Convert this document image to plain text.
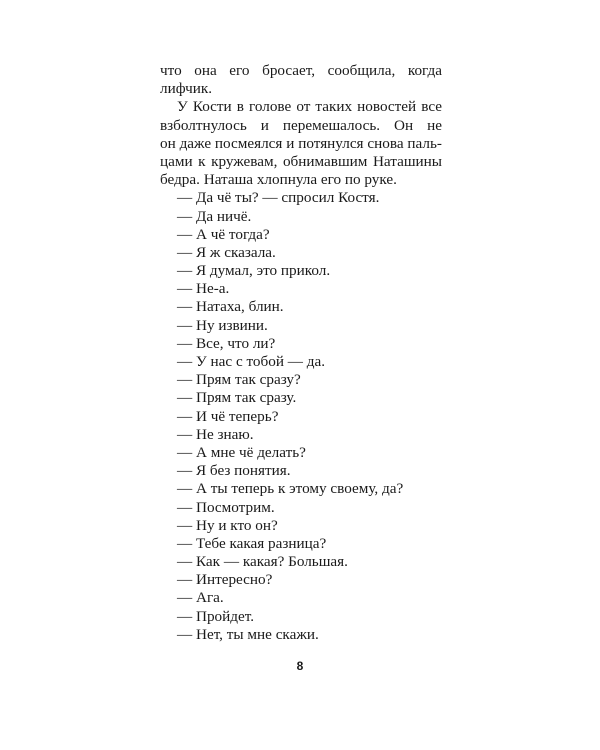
что она его бросает, сообщила, когда
лифчик.
У Кости в голове от таких новостей все
взболтнулось и перемешалось. Он не
он даже посмеялся и потянулся снова паль-
цами к кружевам, обнимавшим Наташины
бедра. Наташа хлопнула его по руке.
— Да чё ты? — спросил Костя.
— Да ничё.
— А чё тогда?
— Я ж сказала.
— Я думал, это прикол.
— Не-а.
— Натаха, блин.
— Ну извини.
— Все, что ли?
— У нас с тобой — да.
— Прям так сразу?
— Прям так сразу.
— И чё теперь?
— Не знаю.
— А мне чё делать?
— Я без понятия.
— А ты теперь к этому своему, да?
— Посмотрим.
— Ну и кто он?
— Тебе какая разница?
— Как — какая? Большая.
— Интересно?
— Ага.
— Пройдет.
— Нет, ты мне скажи.
8
